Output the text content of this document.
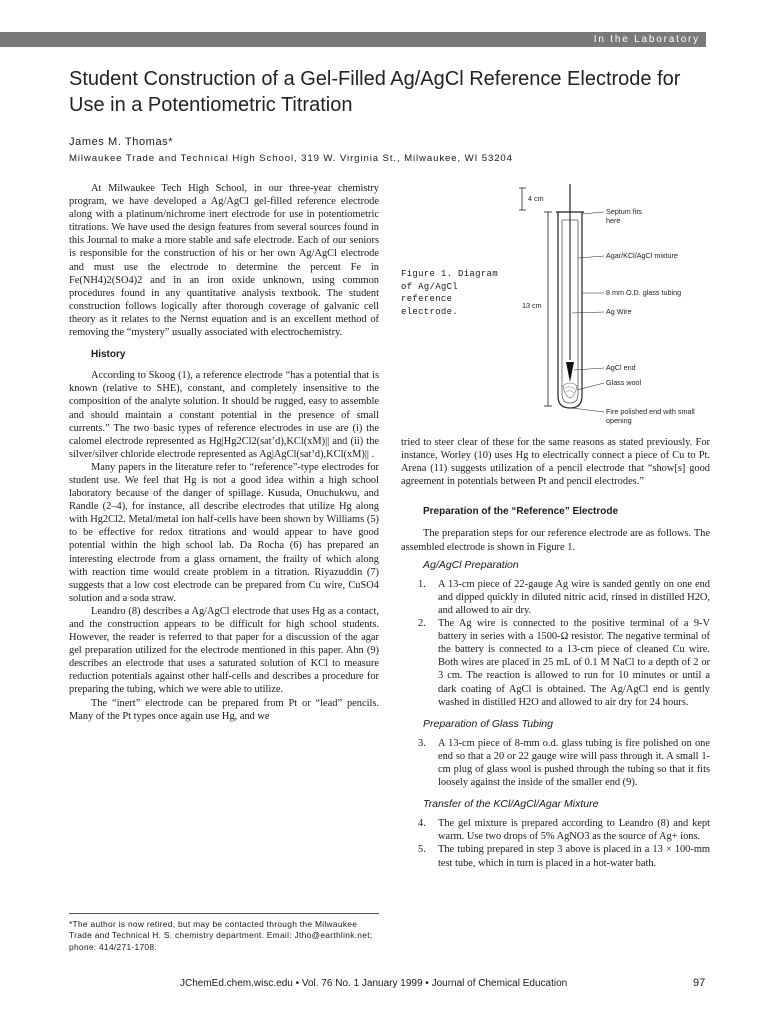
In the Laboratory
Student Construction of a Gel-Filled Ag/AgCl Reference Electrode for Use in a Potentiometric Titration
James M. Thomas*
Milwaukee Trade and Technical High School, 319 W. Virginia St., Milwaukee, WI 53204

At Milwaukee Tech High School, in our three-year chemistry program, we have developed a Ag/AgCl gel-filled reference electrode along with a platinum/nichrome inert electrode for use in potentiometric titrations. We have used the design features from several sources found in this Journal to make a more stable and safe electrode. Each of our seniors is responsible for the construction of his or her own Ag/AgCl electrode and must use the electrode to determine the percent Fe in Fe(NH4)2(SO4)2 and in an iron oxide unknown, using common procedures found in any quantitative analysis textbook. The student construction follows logically after thorough coverage of galvanic cell theory as it relates to the Nernst equation and is an excellent method of removing the “mystery” usually associated with electrochemistry.

History

According to Skoog (1), a reference electrode “has a potential that is known (relative to SHE), constant, and completely insensitive to the composition of the analyte solution. It should be rugged, easy to assemble and should maintain a constant potential in the presence of small currents.” The two basic types of reference electrodes in use are (i) the calomel electrode represented as Hg|Hg2Cl2(sat’d),KCl(xM)|| and (ii) the silver/silver chloride electrode represented as Ag|AgCl(sat’d),KCl(xM)|| .

Many papers in the literature refer to “reference”-type electrodes for student use. We feel that Hg is not a good idea within a high school laboratory because of the danger of spillage. Kusuda, Onuchukwu, and Randle (2–4), for instance, all describe electrodes that utilize Hg along with Hg2Cl2. Metal/metal ion half-cells have been shown by Williams (5) to be effective for redox titrations and would appear to have good potential within the high school lab. Da Rocha (6) has prepared an interesting electrode from a glass ornament, the frailty of which along with reaction time would create problem in a titration. Riyazuddin (7) suggests that a low cost electrode can be prepared from Cu wire, CuSO4 solution and a soda straw.

Leandro (8) describes a Ag/AgCl electrode that uses Hg as a contact, and the construction appears to be difficult for high school students. However, the reader is referred to that paper for a discussion of the agar gel preparation utilized for the electrode mentioned in this paper. Ahn (9) describes an electrode that uses a saturated solution of KCl to measure reduction potentials against other half-cells and describes a procedure for preparing the tubing, which we were able to utilize.

The “inert” electrode can be prepared from Pt or “lead” pencils. Many of the Pt types once again use Hg, and we

*The author is now retired, but may be contacted through the Milwaukee Trade and Technical H. S. chemistry department. Email: Jtho@earthlink.net; phone: 414/271-1708.
Figure 1. Diagram of Ag/AgCl reference electrode.
4 cm
13 cm
Septum fits
here
Agar/KCl/AgCl mixture
8 mm O.D. glass tubing
Ag Wire
AgCl end
Glass wool
Fire polished end with small
opening

tried to steer clear of these for the same reasons as stated previously. For instance, Worley (10) uses Hg to electrically connect a piece of Cu to Pt. Arena (11) suggests utilization of a pencil electrode that “show[s] good agreement in potentials between Pt and pencil electrodes.”

Preparation of the “Reference” Electrode

The preparation steps for our reference electrode are as follows. The assembled electrode is shown in Figure 1.

Ag/AgCl Preparation

1. A 13-cm piece of 22-gauge Ag wire is sanded gently on one end and dipped quickly in diluted nitric acid, rinsed in distilled H2O, and allowed to air dry.
2. The Ag wire is connected to the positive terminal of a 9-V battery in series with a 1500-Ω resistor. The negative terminal of the battery is connected to a 13-cm piece of cleaned Cu wire. Both wires are placed in 25 mL of 0.1 M NaCl to a depth of 2 or 3 cm. The reaction is allowed to run for 10 minutes or until a dark coating of AgCl is obtained. The Ag/AgCl end is gently washed in distilled H2O and allowed to air dry for 24 hours.

Preparation of Glass Tubing

3. A 13-cm piece of 8-mm o.d. glass tubing is fire polished on one end so that a 20 or 22 gauge wire will pass through it. A small 1-cm plug of glass wool is pushed through the tubing so that it fits loosely against the inside of the smaller end (9).

Transfer of the KCl/AgCl/Agar Mixture

4. The gel mixture is prepared according to Leandro (8) and kept warm. Use two drops of 5% AgNO3 as the source of Ag+ ions.
5. The tubing prepared in step 3 above is placed in a 13 × 100-mm test tube, which in turn is placed in a hot-water bath.
JChemEd.chem.wisc.edu • Vol. 76 No. 1 January 1999 • Journal of Chemical Education	97
